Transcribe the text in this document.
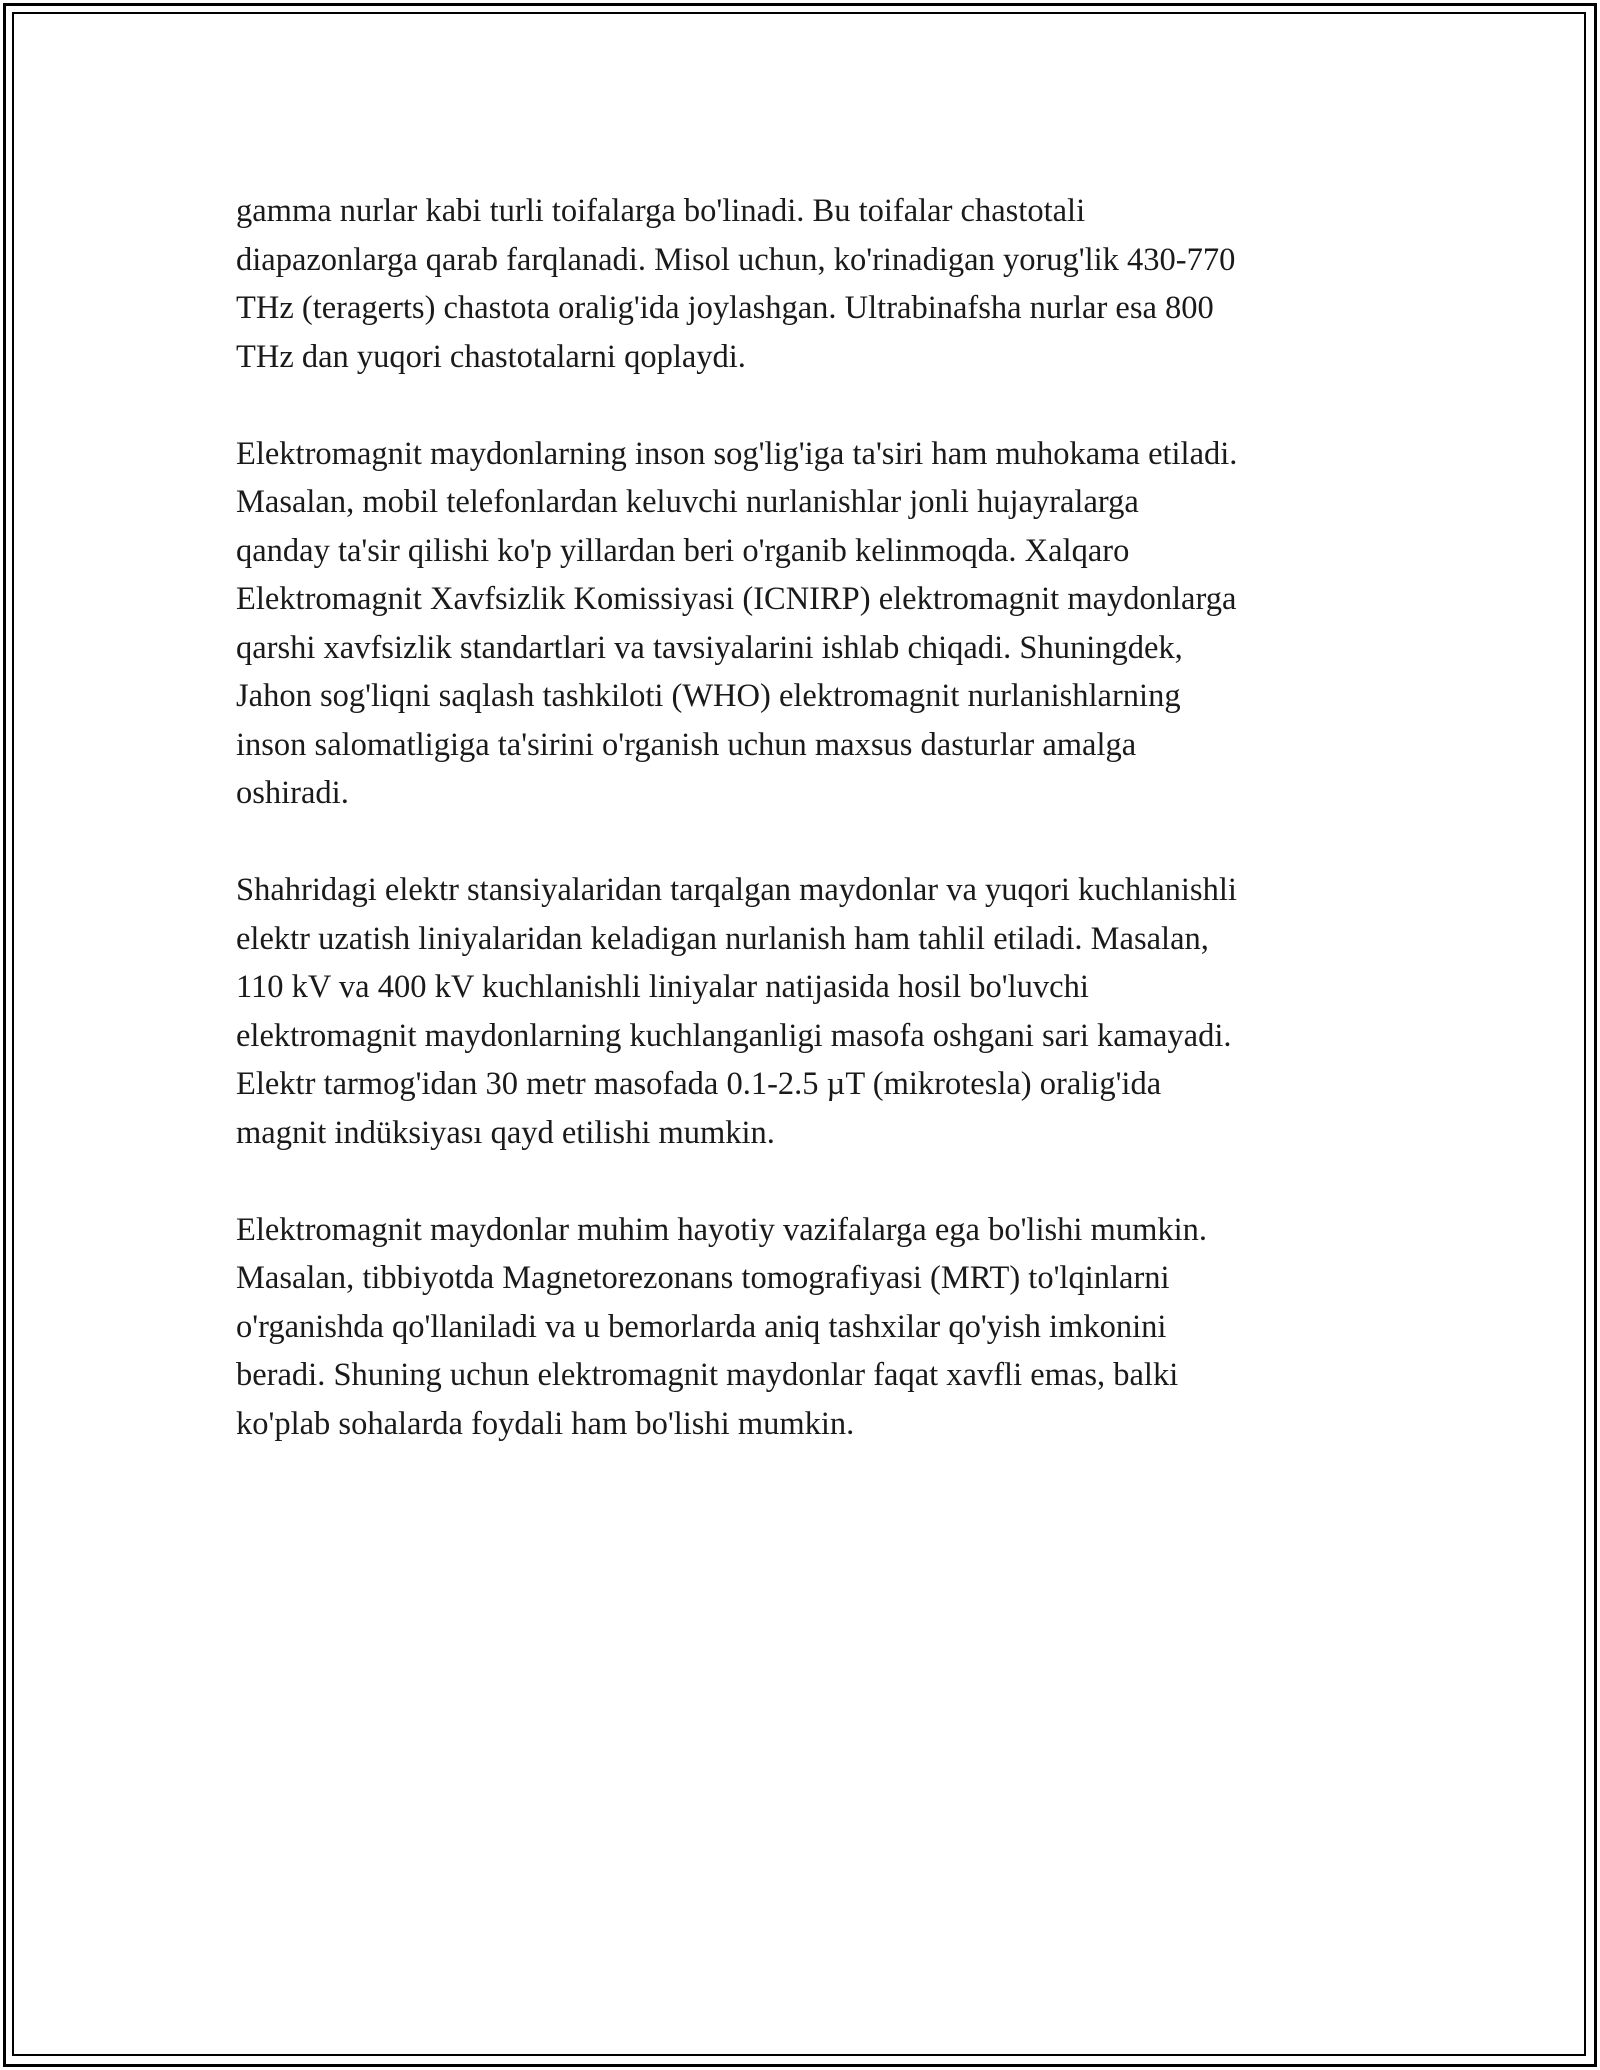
gamma nurlar kabi turli toifalarga bo'linadi. Bu toifalar chastotali
diapazonlarga qarab farqlanadi. Misol uchun, ko'rinadigan yorug'lik 430-770
THz (teragerts) chastota oralig'ida joylashgan. Ultrabinafsha nurlar esa 800
THz dan yuqori chastotalarni qoplaydi.

Elektromagnit maydonlarning inson sog'lig'iga ta'siri ham muhokama etiladi.
Masalan, mobil telefonlardan keluvchi nurlanishlar jonli hujayralarga
qanday ta'sir qilishi ko'p yillardan beri o'rganib kelinmoqda. Xalqaro
Elektromagnit Xavfsizlik Komissiyasi (ICNIRP) elektromagnit maydonlarga
qarshi xavfsizlik standartlari va tavsiyalarini ishlab chiqadi. Shuningdek,
Jahon sog'liqni saqlash tashkiloti (WHO) elektromagnit nurlanishlarning
inson salomatligiga ta'sirini o'rganish uchun maxsus dasturlar amalga
oshiradi.

Shahridagi elektr stansiyalaridan tarqalgan maydonlar va yuqori kuchlanishli
elektr uzatish liniyalaridan keladigan nurlanish ham tahlil etiladi. Masalan,
110 kV va 400 kV kuchlanishli liniyalar natijasida hosil bo'luvchi
elektromagnit maydonlarning kuchlanganligi masofa oshgani sari kamayadi.
Elektr tarmog'idan 30 metr masofada 0.1-2.5 µT (mikrotesla) oralig'ida
magnit indüksiyası qayd etilishi mumkin.

Elektromagnit maydonlar muhim hayotiy vazifalarga ega bo'lishi mumkin.
Masalan, tibbiyotda Magnetorezonans tomografiyasi (MRT) to'lqinlarni
o'rganishda qo'llaniladi va u bemorlarda aniq tashxilar qo'yish imkonini
beradi. Shuning uchun elektromagnit maydonlar faqat xavfli emas, balki
ko'plab sohalarda foydali ham bo'lishi mumkin.
